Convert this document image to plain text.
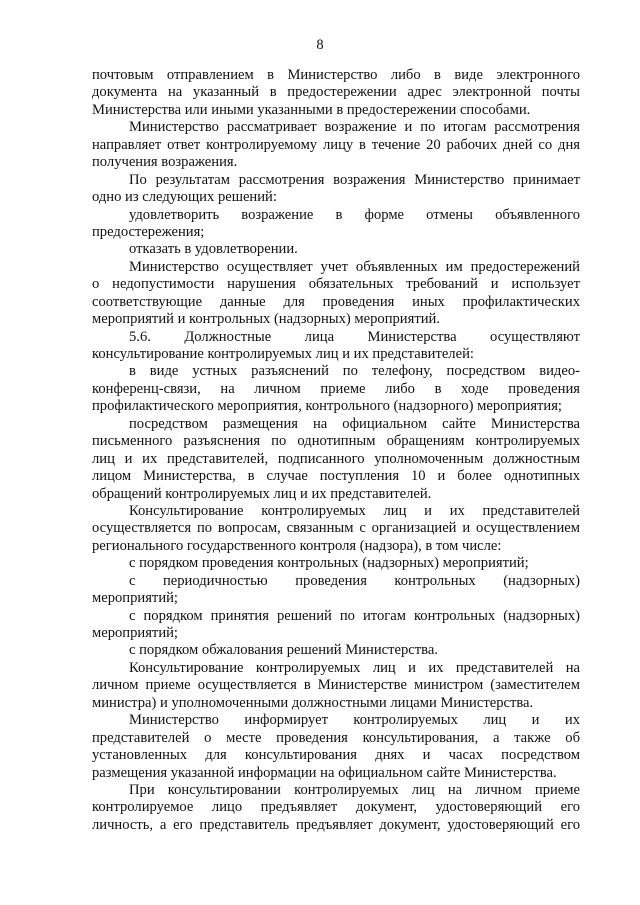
8
почтовым отправлением в Министерство либо в виде электронного
документа на указанный в предостережении адрес электронной почты
Министерства или иными указанными в предостережении способами.
Министерство рассматривает возражение и по итогам рассмотрения
направляет ответ контролируемому лицу в течение 20 рабочих дней со дня
получения возражения.
По результатам рассмотрения возражения Министерство принимает
одно из следующих решений:
удовлетворить возражение в форме отмены объявленного
предостережения;
отказать в удовлетворении.
Министерство осуществляет учет объявленных им предостережений
о недопустимости нарушения обязательных требований и использует
соответствующие данные для проведения иных профилактических
мероприятий и контрольных (надзорных) мероприятий.
5.6. Должностные лица Министерства осуществляют
консультирование контролируемых лиц и их представителей:
в виде устных разъяснений по телефону, посредством видео-
конференц-связи, на личном приеме либо в ходе проведения
профилактического мероприятия, контрольного (надзорного) мероприятия;
посредством размещения на официальном сайте Министерства
письменного разъяснения по однотипным обращениям контролируемых
лиц и их представителей, подписанного уполномоченным должностным
лицом Министерства, в случае поступления 10 и более однотипных
обращений контролируемых лиц и их представителей.
Консультирование контролируемых лиц и их представителей
осуществляется по вопросам, связанным с организацией и осуществлением
регионального государственного контроля (надзора), в том числе:
с порядком проведения контрольных (надзорных) мероприятий;
с периодичностью проведения контрольных (надзорных)
мероприятий;
с порядком принятия решений по итогам контрольных (надзорных)
мероприятий;
с порядком обжалования решений Министерства.
Консультирование контролируемых лиц и их представителей на
личном приеме осуществляется в Министерстве министром (заместителем
министра) и уполномоченными должностными лицами Министерства.
Министерство информирует контролируемых лиц и их
представителей о месте проведения консультирования, а также об
установленных для консультирования днях и часах посредством
размещения указанной информации на официальном сайте Министерства.
При консультировании контролируемых лиц на личном приеме
контролируемое лицо предъявляет документ, удостоверяющий его
личность, а его представитель предъявляет документ, удостоверяющий его
